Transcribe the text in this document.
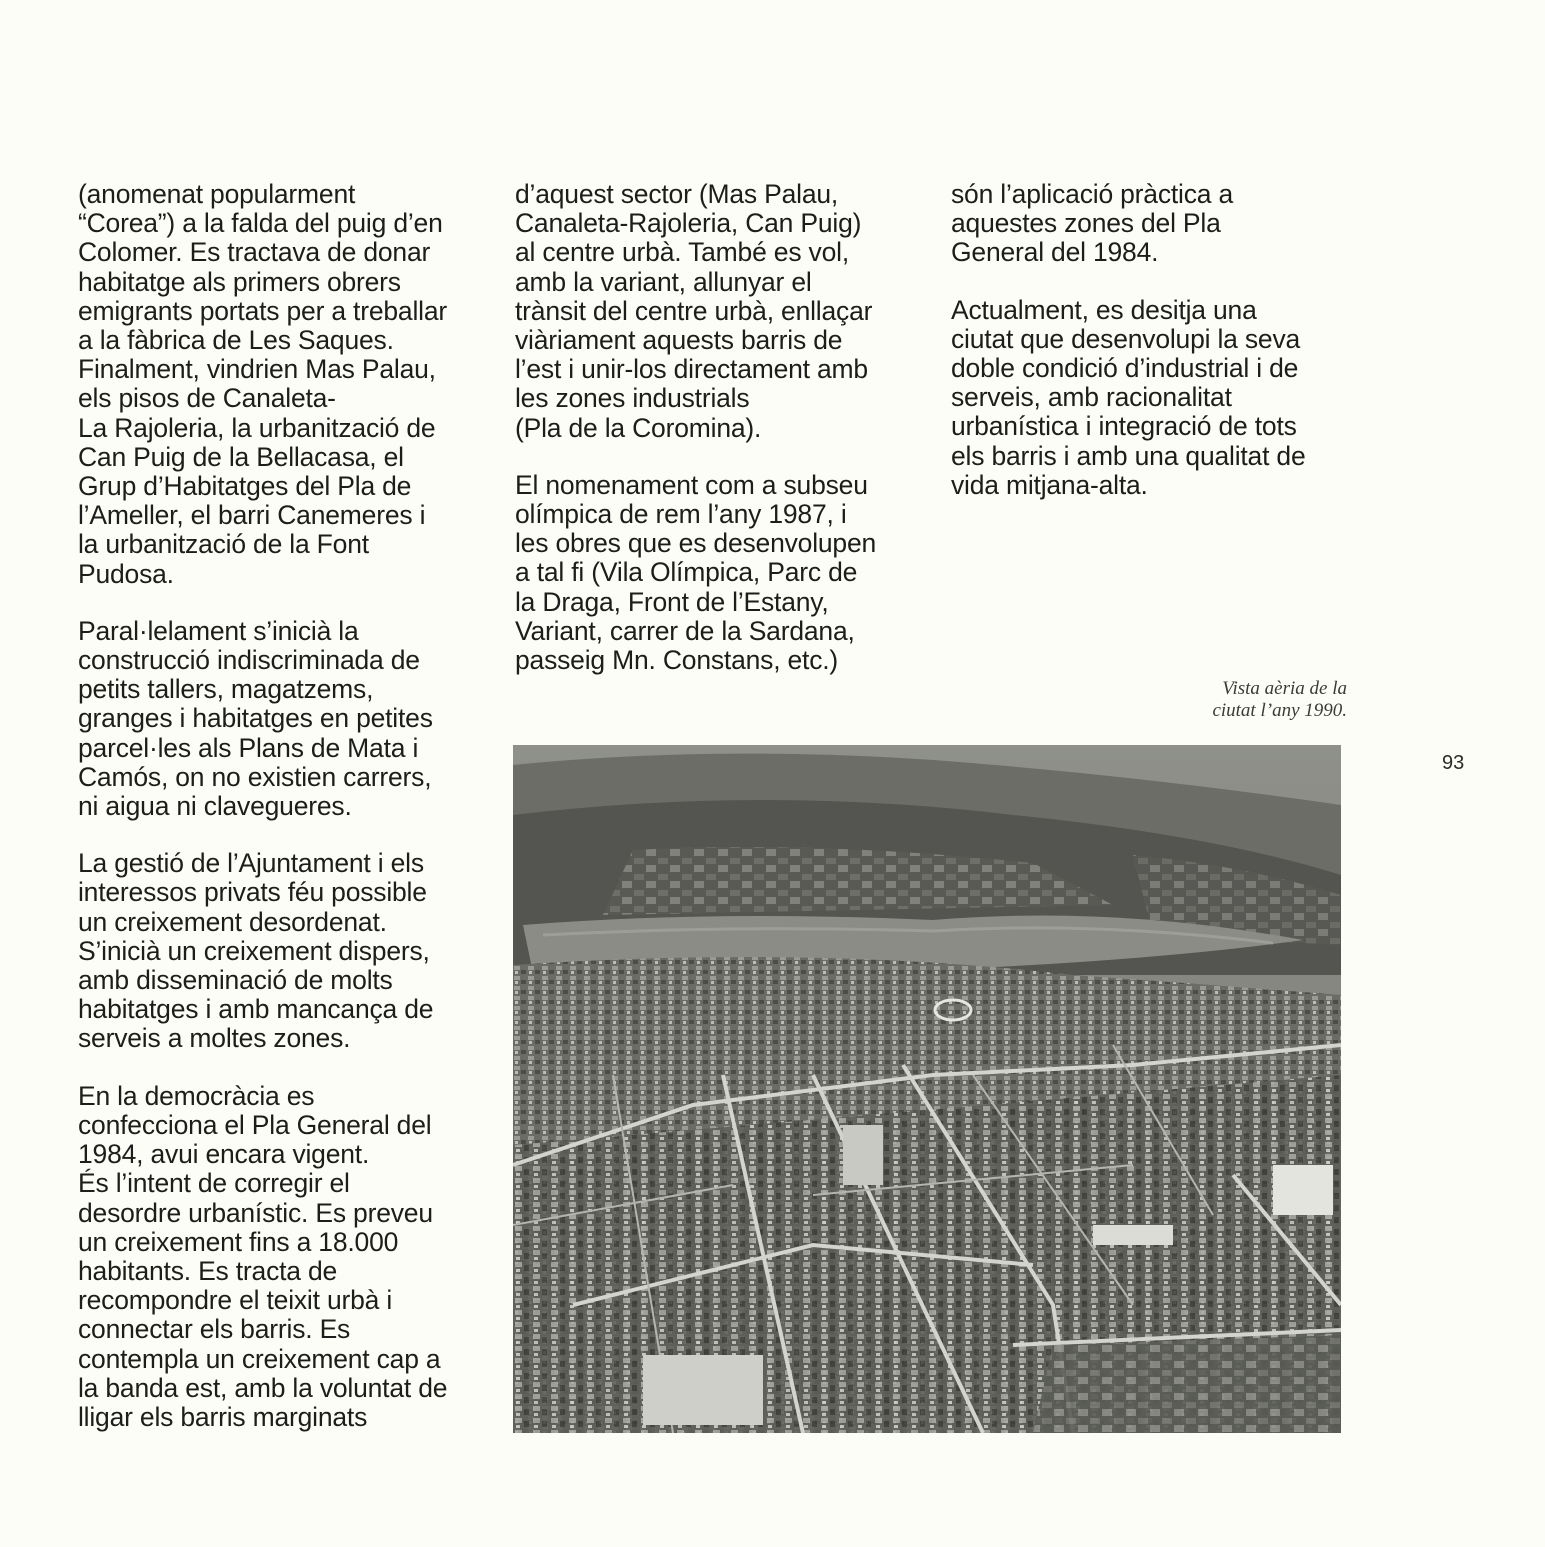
(anomenat popularment
“Corea”) a la falda del puig d’en
Colomer. Es tractava de donar
habitatge als primers obrers
emigrants portats per a treballar
a la fàbrica de Les Saques.
Finalment, vindrien Mas Palau,
els pisos de Canaleta-
La Rajoleria, la urbanització de
Can Puig de la Bellacasa, el
Grup d’Habitatges del Pla de
l’Ameller, el barri Canemeres i
la urbanització de la Font
Pudosa.

Paral·lelament s’inicià la
construcció indiscriminada de
petits tallers, magatzems,
granges i habitatges en petites
parcel·les als Plans de Mata i
Camós, on no existien carrers,
ni aigua ni clavegueres.

La gestió de l’Ajuntament i els
interessos privats féu possible
un creixement desordenat.
S’inicià un creixement dispers,
amb disseminació de molts
habitatges i amb mancança de
serveis a moltes zones.

En la democràcia es
confecciona el Pla General del
1984, avui encara vigent.
És l’intent de corregir el
desordre urbanístic. Es preveu
un creixement fins a 18.000
habitants. Es tracta de
recompondre el teixit urbà i
connectar els barris. Es
contempla un creixement cap a
la banda est, amb la voluntat de
lligar els barris marginats

d’aquest sector (Mas Palau,
Canaleta-Rajoleria, Can Puig)
al centre urbà. També es vol,
amb la variant, allunyar el
trànsit del centre urbà, enllaçar
viàriament aquests barris de
l’est i unir-los directament amb
les zones industrials
(Pla de la Coromina).

El nomenament com a subseu
olímpica de rem l’any 1987, i
les obres que es desenvolupen
a tal fi (Vila Olímpica, Parc de
la Draga, Front de l’Estany,
Variant, carrer de la Sardana,
passeig Mn. Constans, etc.)

són l’aplicació pràctica a
aquestes zones del Pla
General del 1984.

Actualment, es desitja una
ciutat que desenvolupi la seva
doble condició d’industrial i de
serveis, amb racionalitat
urbanística i integració de tots
els barris i amb una qualitat de
vida mitjana-alta.

Vista aèria de la
ciutat l’any 1990.
93
